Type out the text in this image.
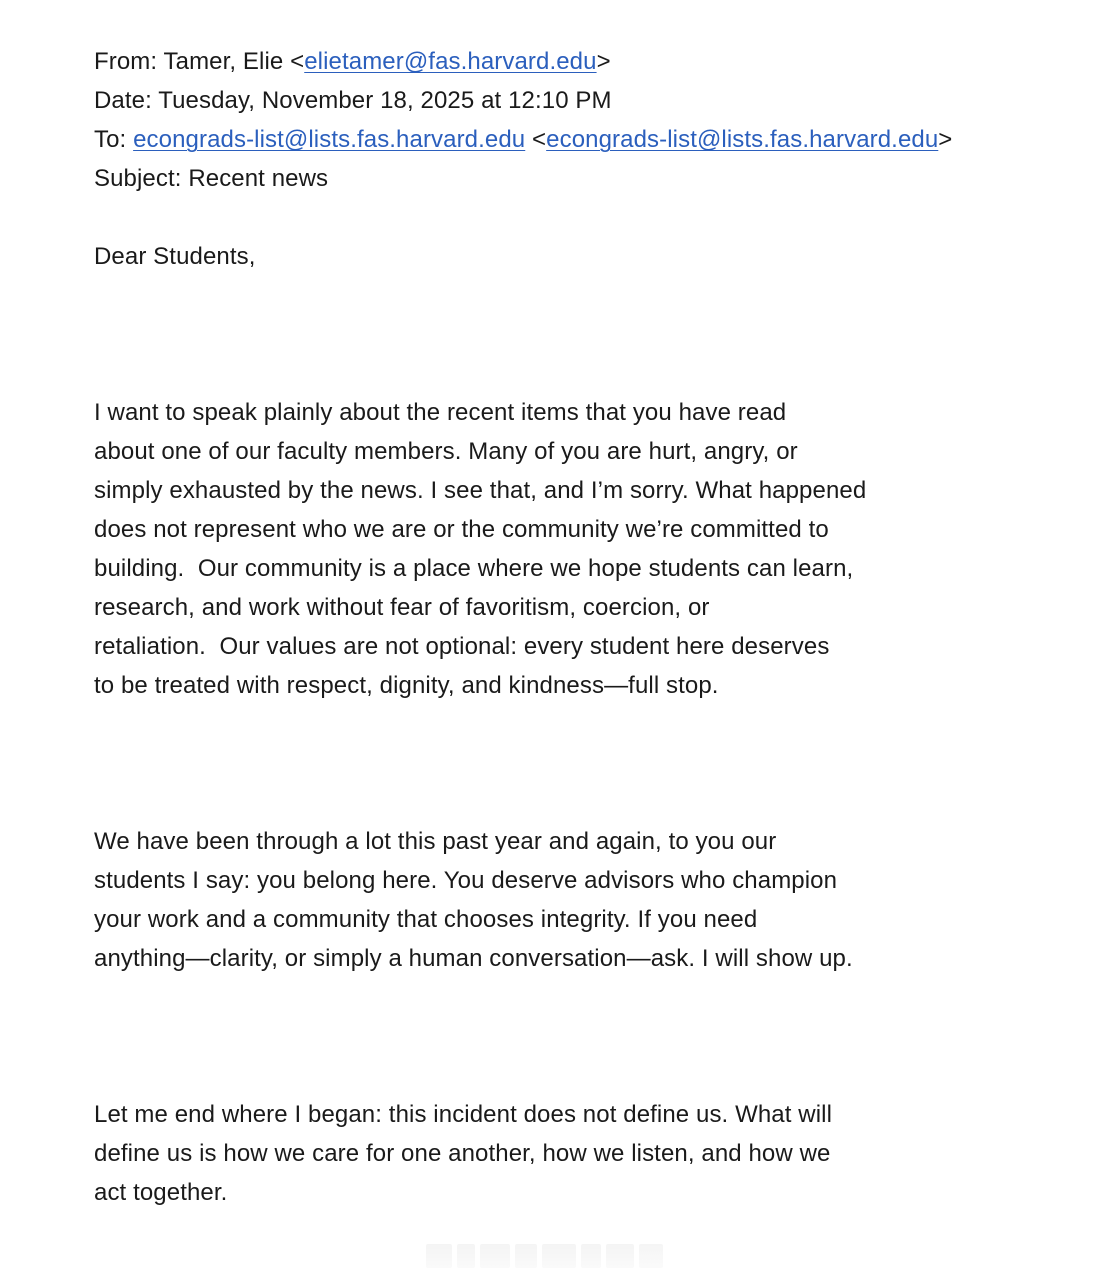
From: Tamer, Elie <elietamer@fas.harvard.edu>
Date: Tuesday, November 18, 2025 at 12:10 PM
To: econgrads-list@lists.fas.harvard.edu <econgrads-list@lists.fas.harvard.edu>
Subject: Recent news
Dear Students,
I want to speak plainly about the recent items that you have read
about one of our faculty members. Many of you are hurt, angry, or
simply exhausted by the news. I see that, and I’m sorry. What happened
does not represent who we are or the community we’re committed to
building.  Our community is a place where we hope students can learn,
research, and work without fear of favoritism, coercion, or
retaliation.  Our values are not optional: every student here deserves
to be treated with respect, dignity, and kindness—full stop.
We have been through a lot this past year and again, to you our
students I say: you belong here. You deserve advisors who champion
your work and a community that chooses integrity. If you need
anything—clarity, or simply a human conversation—ask. I will show up.
Let me end where I began: this incident does not define us. What will
define us is how we care for one another, how we listen, and how we
act together.
